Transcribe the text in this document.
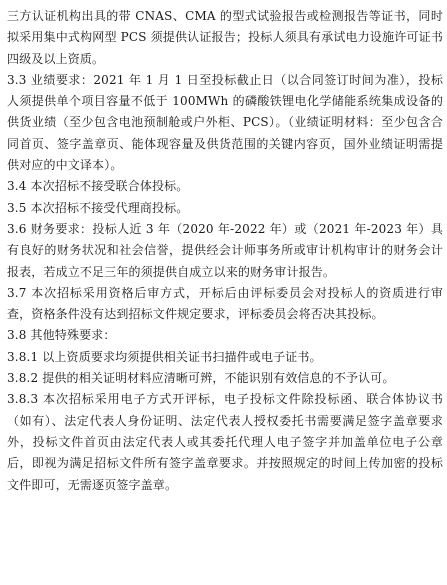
三方认证机构出具的带 CNAS、CMA 的型式试验报告或检测报告等证书，同时拟采用集中式构网型 PCS 须提供认证报告；投标人须具有承试电力设施许可证书四级及以上资质。

3.3 业绩要求：2021 年 1 月 1 日至投标截止日（以合同签订时间为准），投标人须提供单个项目容量不低于 100MWh 的磷酸铁锂电化学储能系统集成设备的供货业绩（至少包含电池预制舱或户外柜、PCS）。（业绩证明材料：至少包含合同首页、签字盖章页、能体现容量及供货范围的关键内容页，国外业绩证明需提供对应的中文译本）。

3.4 本次招标不接受联合体投标。

3.5 本次招标不接受代理商投标。

3.6 财务要求：投标人近 3 年（2020 年-2022 年）或（2021 年-2023 年）具有良好的财务状况和社会信誉，提供经会计师事务所或审计机构审计的财务会计报表，若成立不足三年的须提供自成立以来的财务审计报告。

3.7 本次招标采用资格后审方式，开标后由评标委员会对投标人的资质进行审查，资格条件没有达到招标文件规定要求，评标委员会将否决其投标。

3.8 其他特殊要求：

3.8.1 以上资质要求均须提供相关证书扫描件或电子证书。

3.8.2 提供的相关证明材料应清晰可辨，不能识别有效信息的不予认可。

3.8.3 本次招标采用电子方式开评标，电子投标文件除投标函、联合体协议书（如有）、法定代表人身份证明、法定代表人授权委托书需要满足签字盖章要求外，投标文件首页由法定代表人或其委托代理人电子签字并加盖单位电子公章后，即视为满足招标文件所有签字盖章要求。并按照规定的时间上传加密的投标文件即可，无需逐页签字盖章。
